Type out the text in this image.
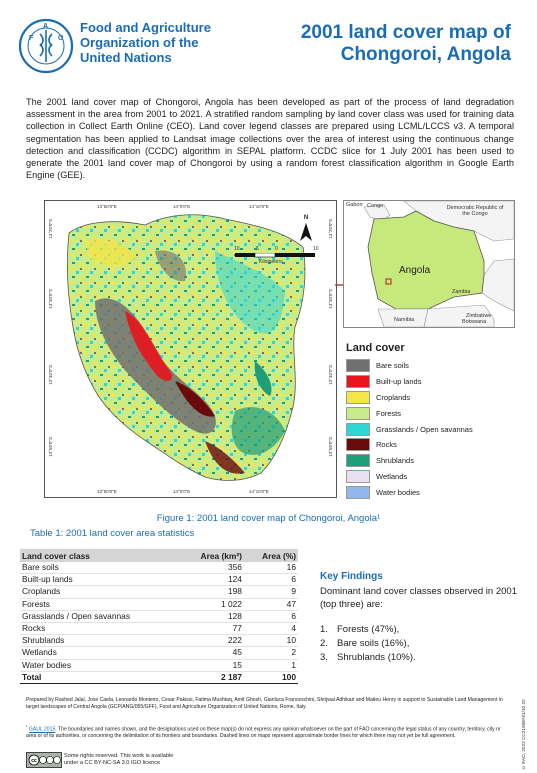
F
A
O
Food and Agriculture
Organization of the
United Nations
2001 land cover map of
Chongoroi, Angola
The 2001 land cover map of Chongoroi, Angola has been developed as part of the process of land degradation assessment in the area from 2001 to 2021. A stratified random sampling by land cover class was used for training data collection in Collect Earth Online (CEO). Land cover legend classes are prepared using LCML/LCCS v3. A temporal segmentation has been applied to Landsat image collections over the area of interest using the continuous change detection and classification (CCDC) algorithm in SEPAL platform. CCDC slice for 1 July 2001 has been used to generate the 2001 land cover map of Chongoroi by using a random forest classification algorithm in Google Earth Engine (GEE).
13°50'0"E	14°0'0"E	14°10'0"E
13°50'0"E	14°0'0"E	14°10'0"E
13°20'0"S
13°30'0"S
13°40'0"S
13°50'0"S
13°20'0"S
13°30'0"S
13°40'0"S
13°50'0"S
N
10	5	0	10
Kilometers
Gabon Congo	Democratic Republic of the Congo
Angola
Zambia
Namibia
Zimbabwe
Botswana
Land cover
Bare soils
Built-up lands
Croplands
Forests
Grasslands / Open savannas
Rocks
Shrublands
Wetlands
Water bodies
Figure 1: 2001 land cover map of Chongoroi, Angola¹
Table 1: 2001 land cover area statistics
Land cover class	Area (km²)	Area (%)
Bare soils	356	16
Built-up lands	124	6
Croplands	198	9
Forests	1 022	47
Grasslands / Open savannas	128	6
Rocks	77	4
Shrublands	222	10
Wetlands	45	2
Water bodies	15	1
Total	2 187	100
Key Findings
Dominant land cover classes observed in 2001 (top three) are:
1. Forests (47%),
2. Bare soils (16%),
3. Shrublands (10%).
Prepared by Rashed Jalal, Jose Caela, Leonardo Monteiro, Cesar Pakissi, Fatima Mushtaq, Amit Ghosh, Gianluca Franceschini, Shrijwal Adhikari and Matieu Henry in support to Sustainable Land Management in target landscapes of Central Angola (GCP/ANG/055/GFF), Food and Agriculture Organization of United Nations, Rome, Italy.
$^{^1}$ GAUL 2015. The boundaries and names shown, and the designations used on these map(s) do not express any opinion whatsoever on the part of FAO concerning the legal status of any country, territory, city or area or of its authorities, or concerning the delimitation of its frontiers and boundaries. Dashed lines on maps represent approximate border lines for which there may not yet be full agreement.
cc
Some rights reserved. This work is available
under a CC BY-NC-SA 3.0 IGO licence	© FAO, 2022 CC2195EN/1/10.22
